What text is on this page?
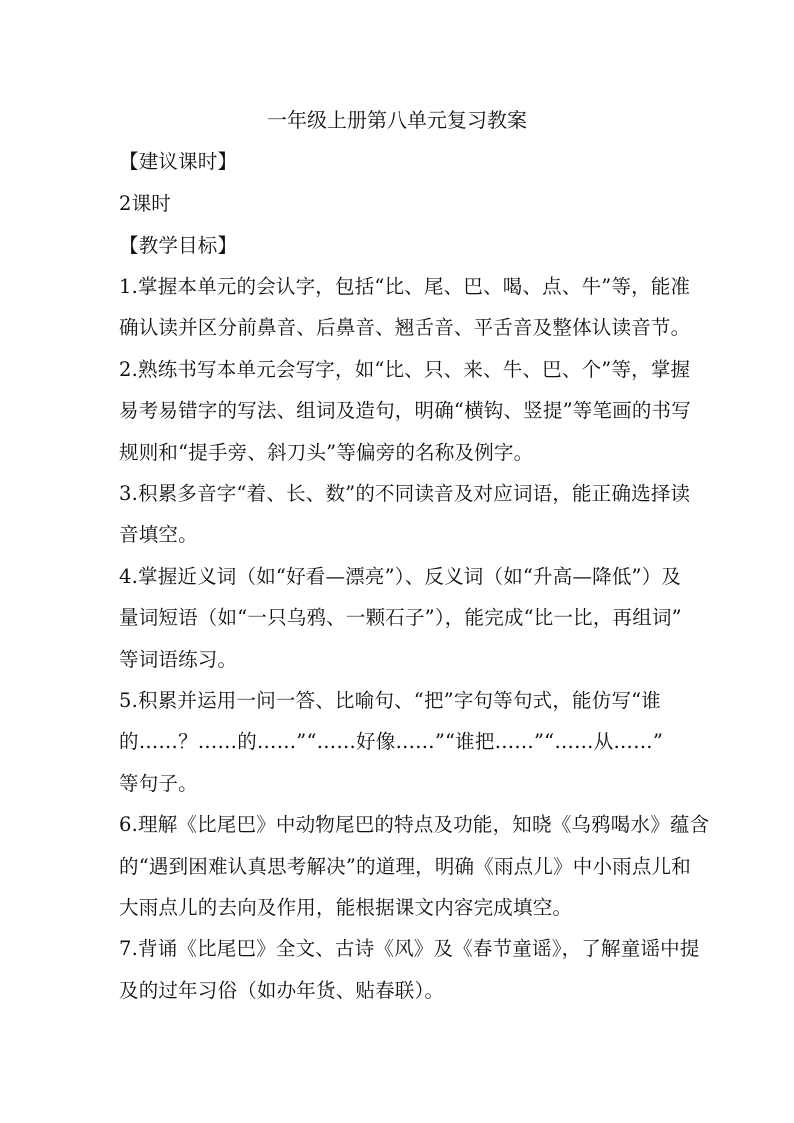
一年级上册第八单元复习教案
【建议课时】
2课时
【教学目标】
1.掌握本单元的会认字，包括“比、尾、巴、喝、点、牛”等，能准
确认读并区分前鼻音、后鼻音、翘舌音、平舌音及整体认读音节。
2.熟练书写本单元会写字，如“比、只、来、牛、巴、个”等，掌握
易考易错字的写法、组词及造句，明确“横钩、竖提”等笔画的书写
规则和“提手旁、斜刀头”等偏旁的名称及例字。
3.积累多音字“着、长、数”的不同读音及对应词语，能正确选择读
音填空。
4.掌握近义词（如“好看—漂亮”）、反义词（如“升高—降低”）及
量词短语（如“一只乌鸦、一颗石子”），能完成“比一比，再组词”
等词语练习。
5.积累并运用一问一答、比喻句、“把”字句等句式，能仿写“谁
的……？……的……”“……好像……”“谁把……”“……从……”
等句子。
6.理解《比尾巴》中动物尾巴的特点及功能，知晓《乌鸦喝水》蕴含
的“遇到困难认真思考解决”的道理，明确《雨点儿》中小雨点儿和
大雨点儿的去向及作用，能根据课文内容完成填空。
7.背诵《比尾巴》全文、古诗《风》及《春节童谣》，了解童谣中提
及的过年习俗（如办年货、贴春联）。
